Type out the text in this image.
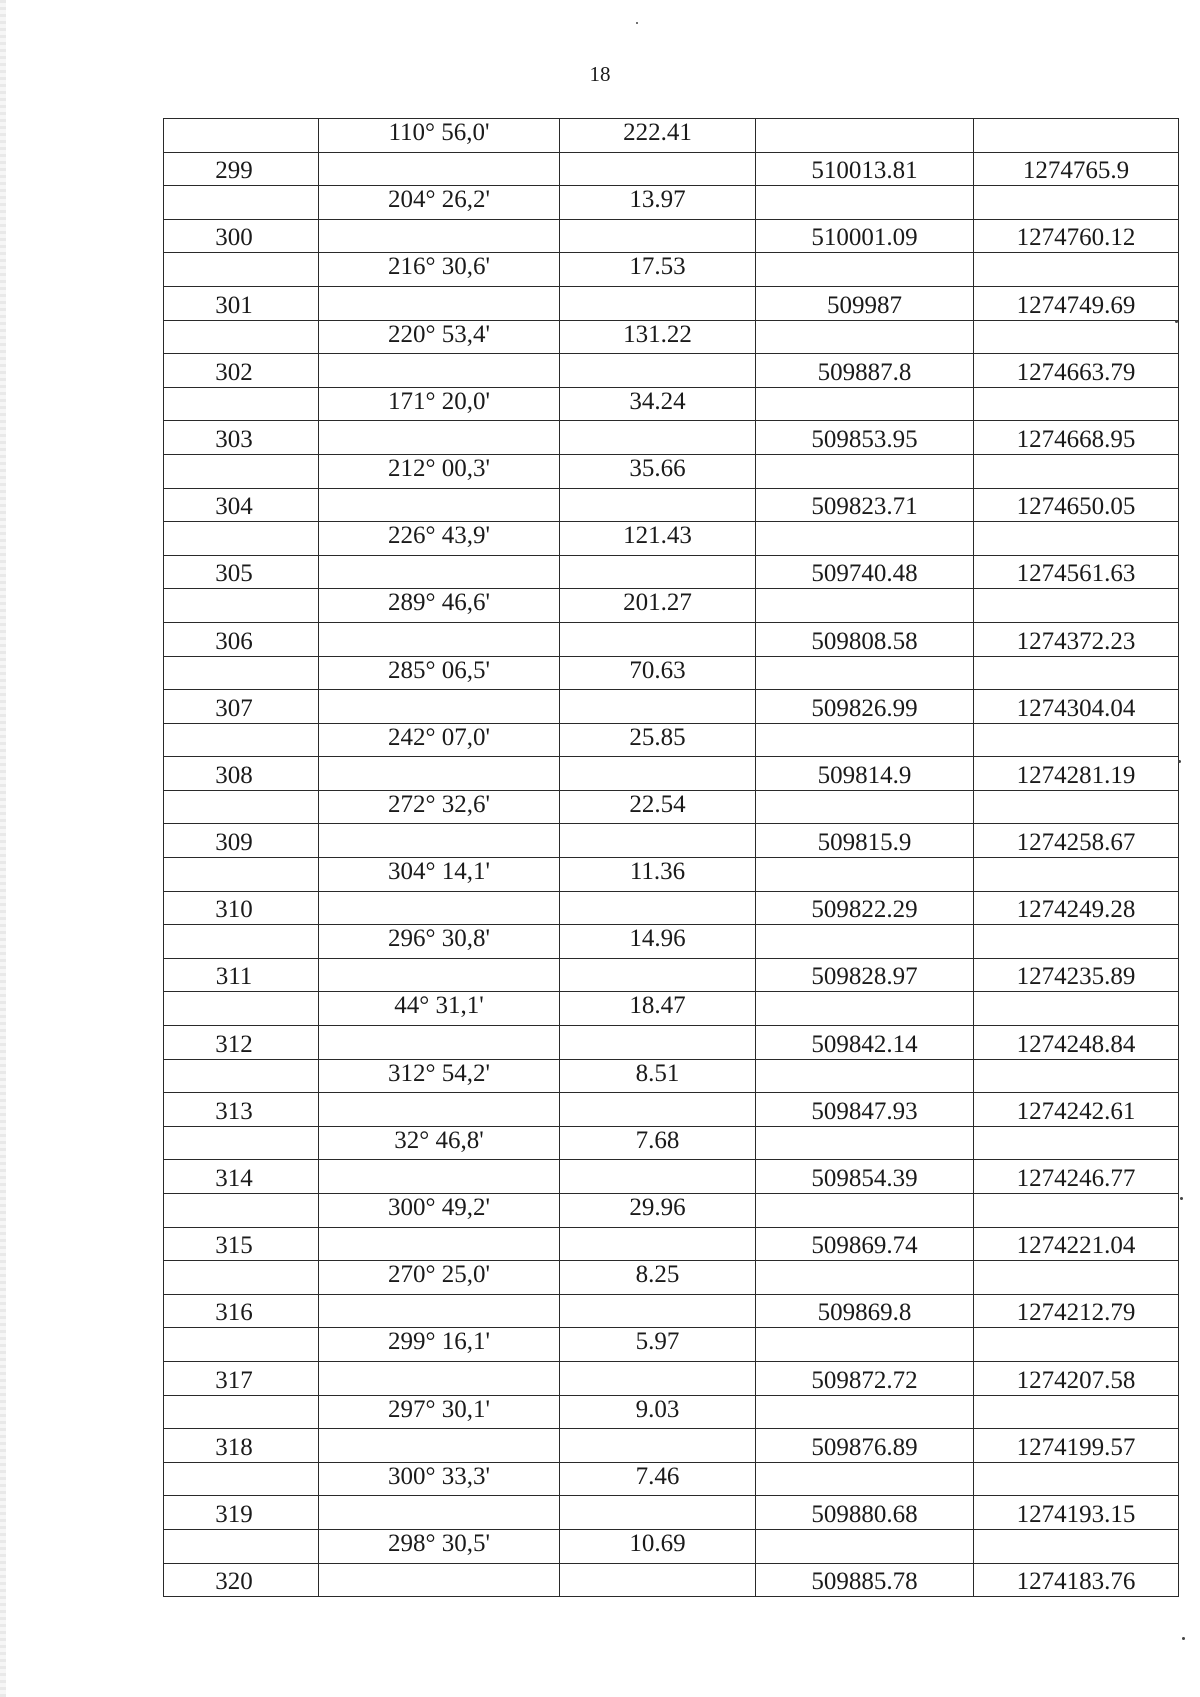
18
	110° 56,0'	222.41		
299			510013.81	1274765.9
	204° 26,2'	13.97		
300			510001.09	1274760.12
	216° 30,6'	17.53		
301			509987	1274749.69
	220° 53,4'	131.22		
302			509887.8	1274663.79
	171° 20,0'	34.24		
303			509853.95	1274668.95
	212° 00,3'	35.66		
304			509823.71	1274650.05
	226° 43,9'	121.43		
305			509740.48	1274561.63
	289° 46,6'	201.27		
306			509808.58	1274372.23
	285° 06,5'	70.63		
307			509826.99	1274304.04
	242° 07,0'	25.85		
308			509814.9	1274281.19
	272° 32,6'	22.54		
309			509815.9	1274258.67
	304° 14,1'	11.36		
310			509822.29	1274249.28
	296° 30,8'	14.96		
311			509828.97	1274235.89
	44° 31,1'	18.47		
312			509842.14	1274248.84
	312° 54,2'	8.51		
313			509847.93	1274242.61
	32° 46,8'	7.68		
314			509854.39	1274246.77
	300° 49,2'	29.96		
315			509869.74	1274221.04
	270° 25,0'	8.25		
316			509869.8	1274212.79
	299° 16,1'	5.97		
317			509872.72	1274207.58
	297° 30,1'	9.03		
318			509876.89	1274199.57
	300° 33,3'	7.46		
319			509880.68	1274193.15
	298° 30,5'	10.69		
320			509885.78	1274183.76
